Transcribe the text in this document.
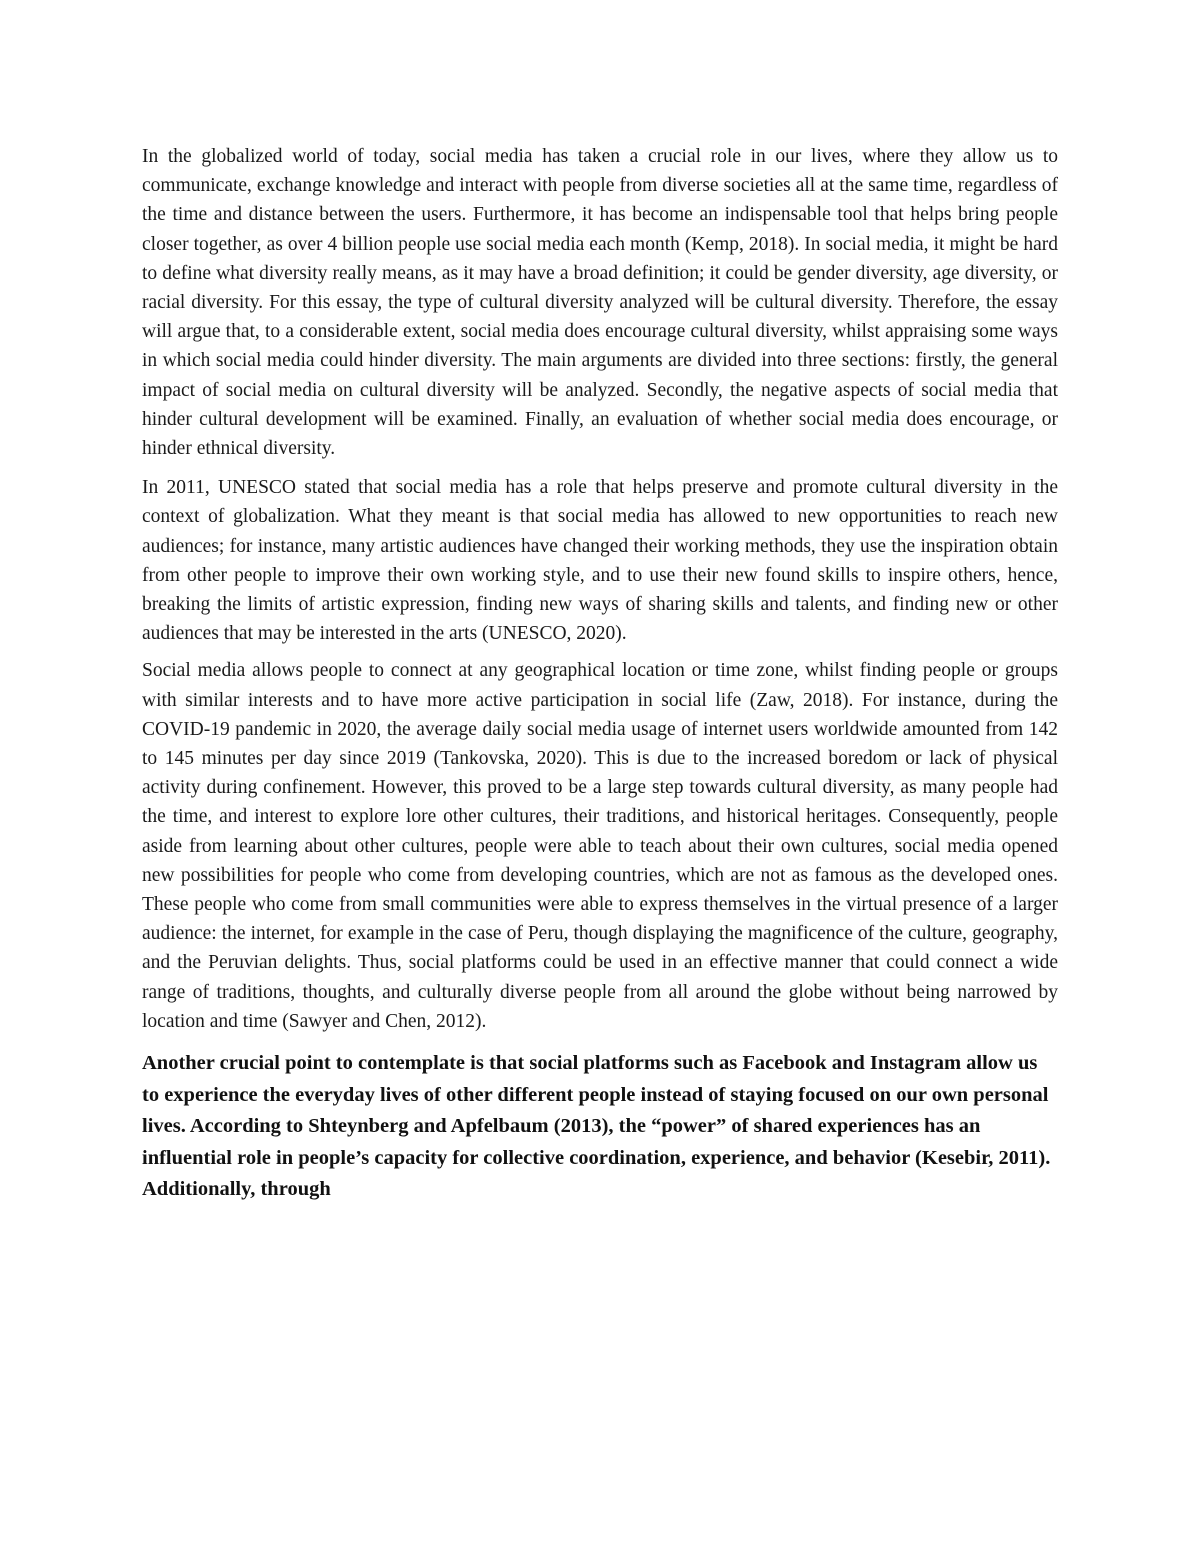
In the globalized world of today, social media has taken a crucial role in our lives, where they allow us to communicate, exchange knowledge and interact with people from diverse societies all at the same time, regardless of the time and distance between the users. Furthermore, it has become an indispensable tool that helps bring people closer together, as over 4 billion people use social media each month (Kemp, 2018). In social media, it might be hard to define what diversity really means, as it may have a broad definition; it could be gender diversity, age diversity, or racial diversity. For this essay, the type of cultural diversity analyzed will be cultural diversity. Therefore, the essay will argue that, to a considerable extent, social media does encourage cultural diversity, whilst appraising some ways in which social media could hinder diversity. The main arguments are divided into three sections: firstly, the general impact of social media on cultural diversity will be analyzed. Secondly, the negative aspects of social media that hinder cultural development will be examined. Finally, an evaluation of whether social media does encourage, or hinder ethnical diversity.

In 2011, UNESCO stated that social media has a role that helps preserve and promote cultural diversity in the context of globalization. What they meant is that social media has allowed to new opportunities to reach new audiences; for instance, many artistic audiences have changed their working methods, they use the inspiration obtain from other people to improve their own working style, and to use their new found skills to inspire others, hence, breaking the limits of artistic expression, finding new ways of sharing skills and talents, and finding new or other audiences that may be interested in the arts (UNESCO, 2020).

Social media allows people to connect at any geographical location or time zone, whilst finding people or groups with similar interests and to have more active participation in social life (Zaw, 2018). For instance, during the COVID-19 pandemic in 2020, the average daily social media usage of internet users worldwide amounted from 142 to 145 minutes per day since 2019 (Tankovska, 2020). This is due to the increased boredom or lack of physical activity during confinement. However, this proved to be a large step towards cultural diversity, as many people had the time, and interest to explore lore other cultures, their traditions, and historical heritages. Consequently, people aside from learning about other cultures, people were able to teach about their own cultures, social media opened new possibilities for people who come from developing countries, which are not as famous as the developed ones. These people who come from small communities were able to express themselves in the virtual presence of a larger audience: the internet, for example in the case of Peru, though displaying the magnificence of the culture, geography, and the Peruvian delights. Thus, social platforms could be used in an effective manner that could connect a wide range of traditions, thoughts, and culturally diverse people from all around the globe without being narrowed by location and time (Sawyer and Chen, 2012).

Another crucial point to contemplate is that social platforms such as Facebook and Instagram allow us to experience the everyday lives of other different people instead of staying focused on our own personal lives. According to Shteynberg and Apfelbaum (2013), the “power” of shared experiences has an influential role in people’s capacity for collective coordination, experience, and behavior (Kesebir, 2011). Additionally, through
